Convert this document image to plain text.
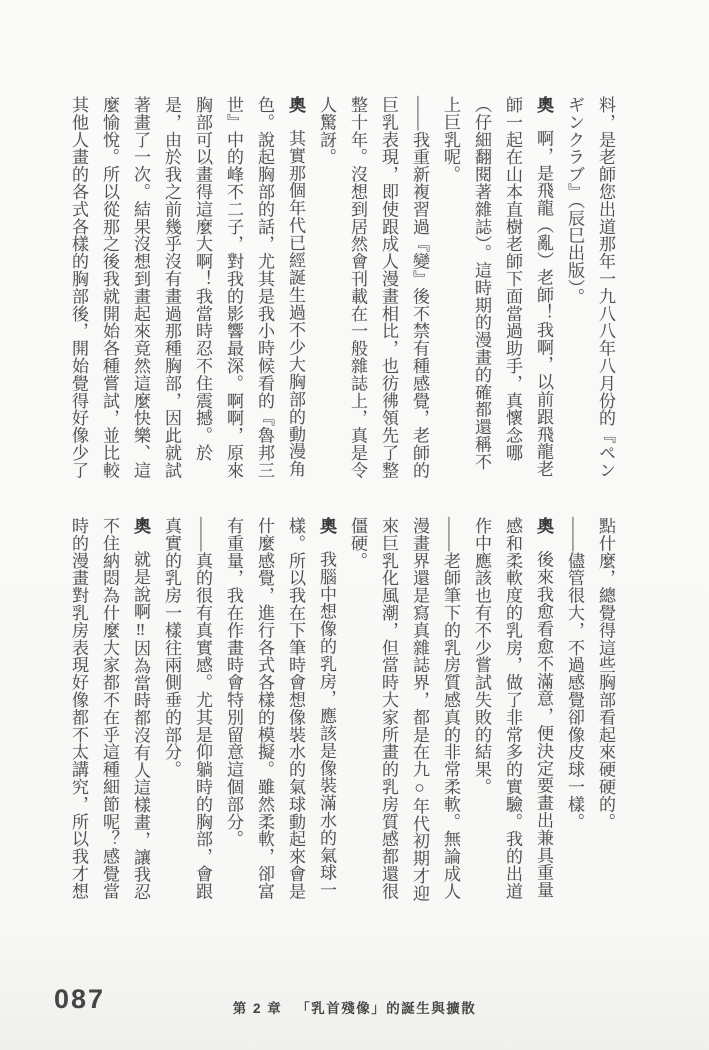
料，是老師您出道那年一九八八年八月份的『ペン
ギンクラブ』（辰巳出版）。
奧啊，是飛龍（亂）老師！我啊，以前跟飛龍老
師一起在山本直樹老師下面當過助手，真懷念哪
（仔細翻閱著雜誌）。這時期的漫畫的確都還稱不
上巨乳呢。
——我重新複習過『變』後不禁有種感覺，老師的
巨乳表現，即使跟成人漫畫相比，也彷彿領先了整
整十年。沒想到居然會刊載在一般雜誌上，真是令
人驚訝。
奧其實那個年代已經誕生過不少大胸部的動漫角
色。說起胸部的話，尤其是我小時候看的『魯邦三
世』中的峰不二子，對我的影響最深。啊啊，原來
胸部可以畫得這麼大啊！我當時忍不住震撼。於
是，由於我之前幾乎沒有畫過那種胸部，因此就試
著畫了一次。結果沒想到畫起來竟然這麼快樂、這
麼愉悅。所以從那之後我就開始各種嘗試，並比較
其他人畫的各式各樣的胸部後，開始覺得好像少了
點什麼，總覺得這些胸部看起來硬硬的。
——儘管很大，不過感覺卻像皮球一樣。
奧後來我愈看愈不滿意，便決定要畫出兼具重量
感和柔軟度的乳房，做了非常多的實驗。我的出道
作中應該也有不少嘗試失敗的結果。
——老師筆下的乳房質感真的非常柔軟。無論成人
漫畫界還是寫真雜誌界，都是在九○年代初期才迎
來巨乳化風潮，但當時大家所畫的乳房質感都還很
僵硬。
奧我腦中想像的乳房，應該是像裝滿水的氣球一
樣。所以我在下筆時會想像裝水的氣球動起來會是
什麼感覺，進行各式各樣的模擬。雖然柔軟，卻富
有重量，我在作畫時會特別留意這個部分。
——真的很有真實感。尤其是仰躺時的胸部，會跟
真實的乳房一樣往兩側垂的部分。
奧就是說啊‼因為當時都沒有人這樣畫，讓我忍
不住納悶為什麼大家都不在乎這種細節呢？感覺當
時的漫畫對乳房表現好像都不太講究，所以我才想
087	第 2 章 「乳首殘像」的誕生與擴散
